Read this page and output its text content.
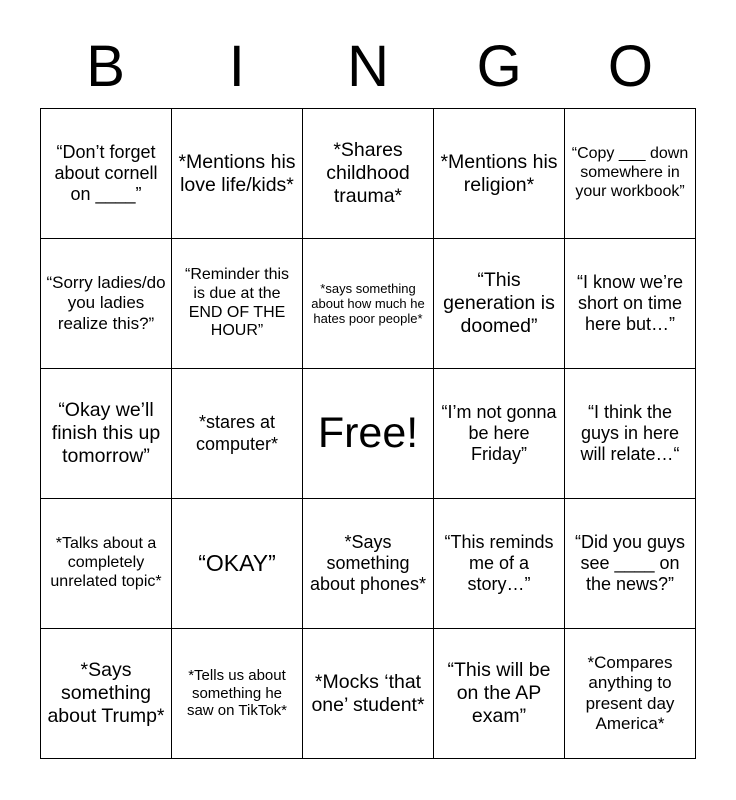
B	I	N	G	O
“Don’t forget about cornell on ____”	*Mentions his love life/kids*	*Shares childhood trauma*	*Mentions his religion*	“Copy ___ down somewhere in your workbook”
“Sorry ladies/do you ladies realize this?”	“Reminder this is due at the END OF THE HOUR”	*says something about how much he hates poor people*	“This generation is doomed”	“I know we’re short on time here but…”
“Okay we’ll finish this up tomorrow”	*stares at computer*	Free!	“I’m not gonna be here Friday”	“I think the guys in here will relate…“
*Talks about a completely unrelated topic*	“OKAY”	*Says something about phones*	“This reminds me of a story…”	“Did you guys see ____ on the news?”
*Says something about Trump*	*Tells us about something he saw on TikTok*	*Mocks ‘that one’ student*	“This will be on the AP exam”	*Compares anything to present day America*
